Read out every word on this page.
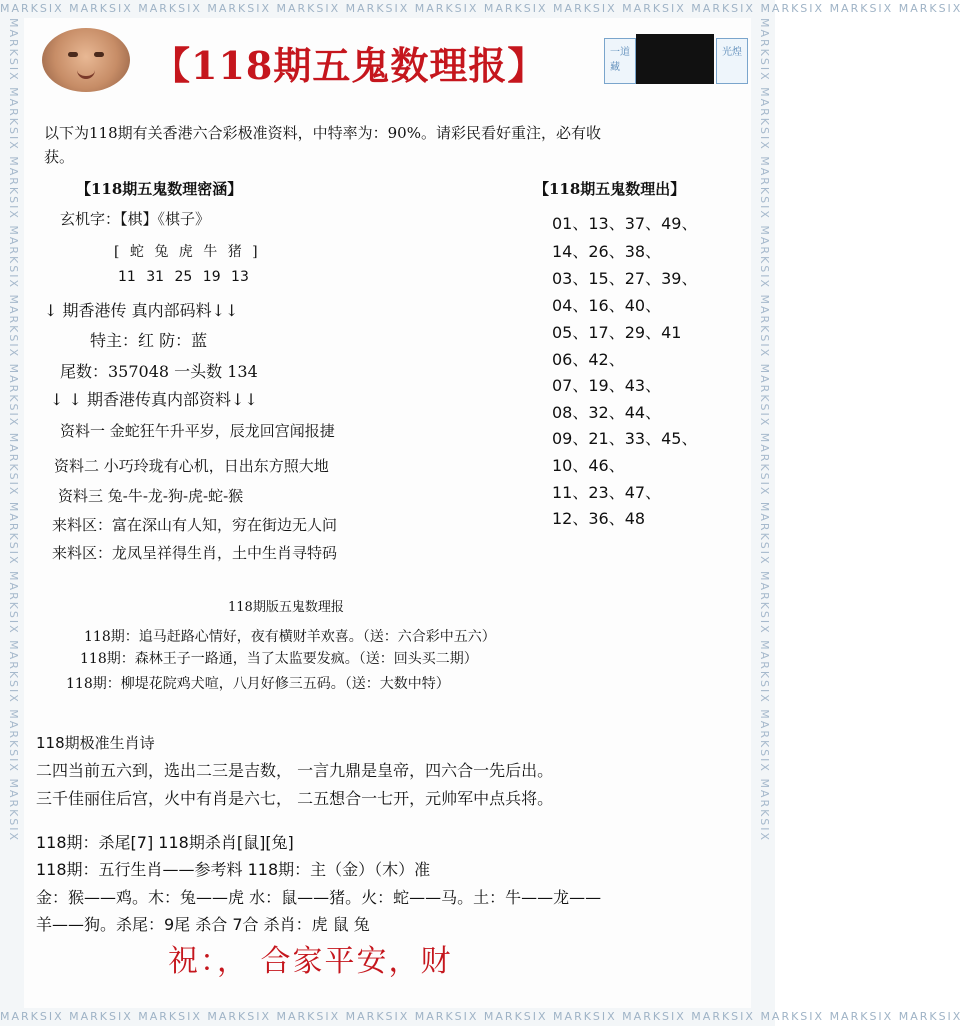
MARKSIX MARKSIX MARKSIX MARKSIX MARKSIX MARKSIX MARKSIX MARKSIX MARKSIX MARKSIX MARKSIX MARKSIX MARKSIX MARKSIX
MARKSIX MARKSIX MARKSIX MARKSIX MARKSIX MARKSIX MARKSIX MARKSIX MARKSIX MARKSIX MARKSIX MARKSIX	MARKSIX MARKSIX MARKSIX MARKSIX MARKSIX MARKSIX MARKSIX MARKSIX MARKSIX MARKSIX MARKSIX MARKSIX
MARKSIX MARKSIX MARKSIX MARKSIX MARKSIX MARKSIX MARKSIX MARKSIX MARKSIX MARKSIX MARKSIX MARKSIX MARKSIX MARKSIX
【118期五鬼数理报】	一道藏
光煌
以下为118期有关香港六合彩极准资料，中特率为：90%。请彩民看好重注，必有收
获。
【118期五鬼数理密涵】
玄机字：【棋】《棋子》
[ 蛇 兔 虎 牛 猪 ]
11 31 25 19 13
↓ 期香港传 真内部码料↓↓
特主：红 防：蓝
尾数：357048 一头数 134
↓ ↓ 期香港传真内部资料↓↓
资料一 金蛇狂午升平岁，辰龙回宫闻报捷
资料二 小巧玲珑有心机，日出东方照大地
资料三 兔-牛-龙-狗-虎-蛇-猴
来料区：富在深山有人知，穷在街边无人问
来料区：龙凤呈祥得生肖，土中生肖寻特码
【118期五鬼数理出】
01、13、37、49、
14、26、38、
03、15、27、39、
04、16、40、
05、17、29、41
06、42、
07、19、43、
08、32、44、
09、21、33、45、
10、46、
11、23、47、
12、36、48
118期版五鬼数理报
118期：追马赶路心情好，夜有横财羊欢喜。（送：六合彩中五六）
118期：森林王子一路通，当了太监要发疯。（送：回头买二期）
118期：柳堤花院鸡犬喧，八月好修三五码。（送：大数中特）
118期极准生肖诗
二四当前五六到，选出二三是吉数， 一言九鼎是皇帝，四六合一先后出。
三千佳丽住后宫，火中有肖是六七， 二五想合一七开，元帅军中点兵将。
118期：杀尾[7] 118期杀肖[鼠][兔]
118期：五行生肖——参考料 118期：主（金）（木）准
金：猴——鸡。木：兔——虎 水：鼠——猪。火：蛇——马。土：牛——龙——
羊——狗。杀尾：9尾 杀合 7合 杀肖：虎 鼠 兔
祝：， 合家平安，财
